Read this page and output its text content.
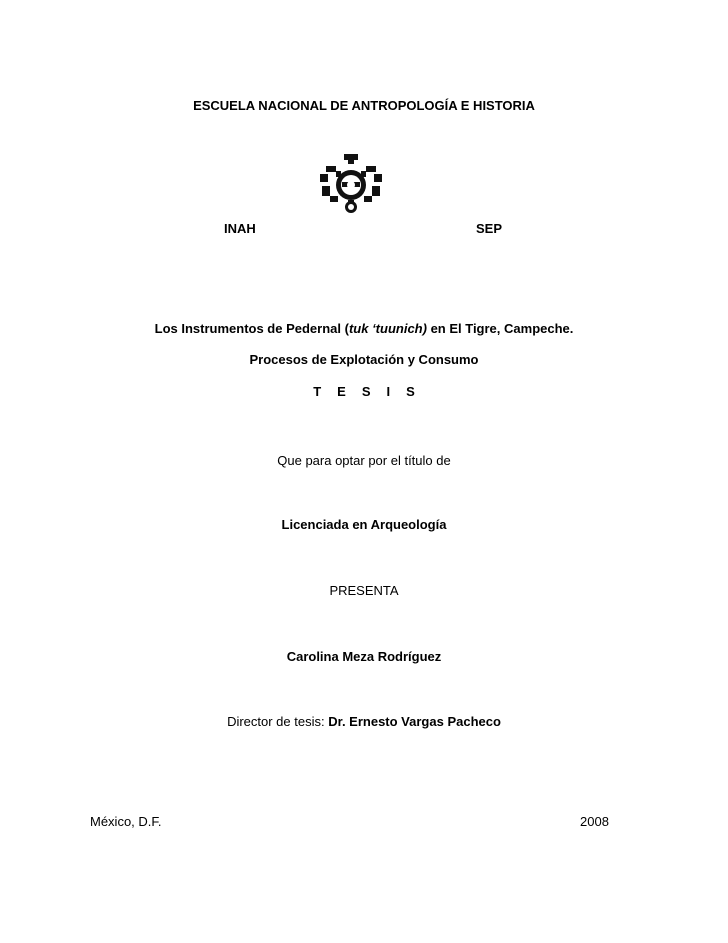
ESCUELA NACIONAL DE ANTROPOLOGÍA E HISTORIA
INAH	SEP
Los Instrumentos de Pedernal (tuk ‘tuunich) en El Tigre, Campeche.
Procesos de Explotación y Consumo
T E S I S
Que para optar por el título de
Licenciada en Arqueología
PRESENTA
Carolina Meza Rodríguez
Director de tesis: Dr. Ernesto Vargas Pacheco
México, D.F.	2008
